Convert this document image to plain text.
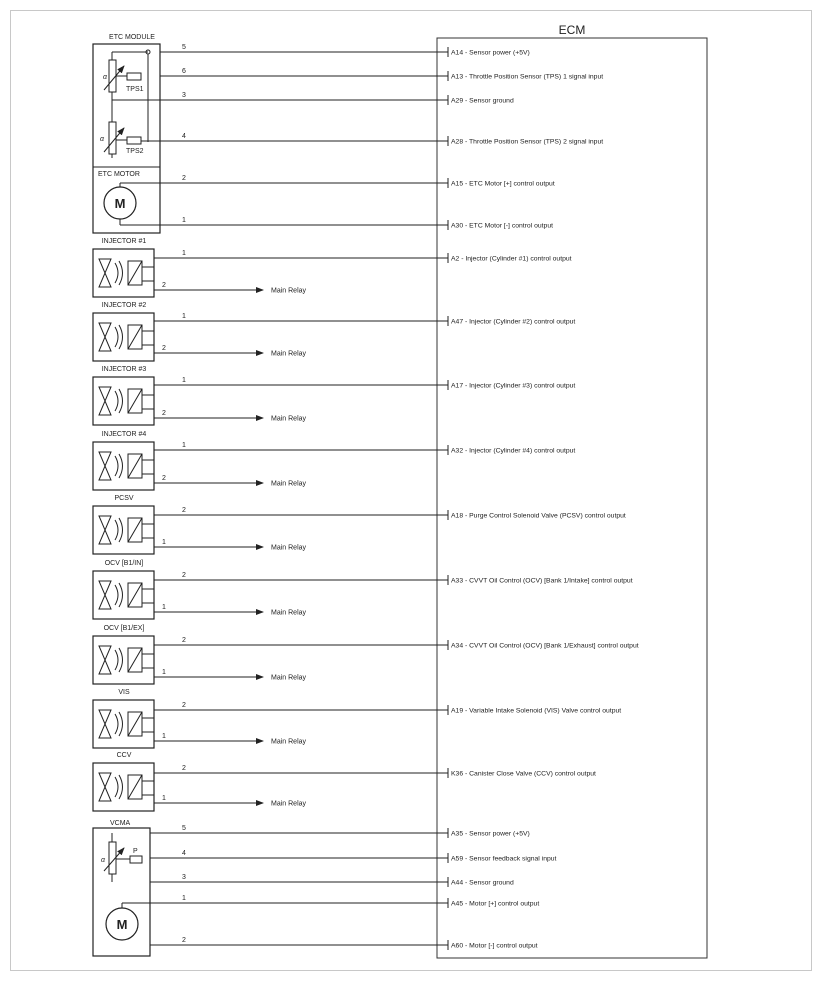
ECM
ETC MODULE
α
TPS1
α
TPS2
ETC MOTOR
M
VCMA
α
P
M
INJECTOR #1
INJECTOR #2
INJECTOR #3
INJECTOR #4
PCSV
OCV [B1/IN]
OCV [B1/EX]
VIS
CCV
5
A14 - Sensor power (+5V)
6
A13 - Throttle Position Sensor (TPS) 1 signal input
3
A29 - Sensor ground
4
A28 - Throttle Position Sensor (TPS) 2 signal input
2
A15 - ETC Motor [+] control output
1
A30 - ETC Motor [-] control output
1
A2 - Injector (Cylinder #1) control output
1
A47 - Injector (Cylinder #2) control output
1
A17 - Injector (Cylinder #3) control output
1
A32 - Injector (Cylinder #4) control output
2
A18 - Purge Control Solenoid Valve (PCSV) control output
2
A33 - CVVT Oil Control (OCV) [Bank 1/Intake] control output
2
A34 - CVVT Oil Control (OCV) [Bank 1/Exhaust] control output
2
A19 - Variable Intake Solenoid (VIS) Valve control output
2
K36 - Canister Close Valve (CCV) control output
5
A35 - Sensor power (+5V)
4
A59 - Sensor feedback signal input
3
A44 - Sensor ground
1
A45 - Motor [+] control output
2
A60 - Motor [-] control output
2
Main Relay
2
Main Relay
2
Main Relay
2
Main Relay
1
Main Relay
1
Main Relay
1
Main Relay
1
Main Relay
1
Main Relay
